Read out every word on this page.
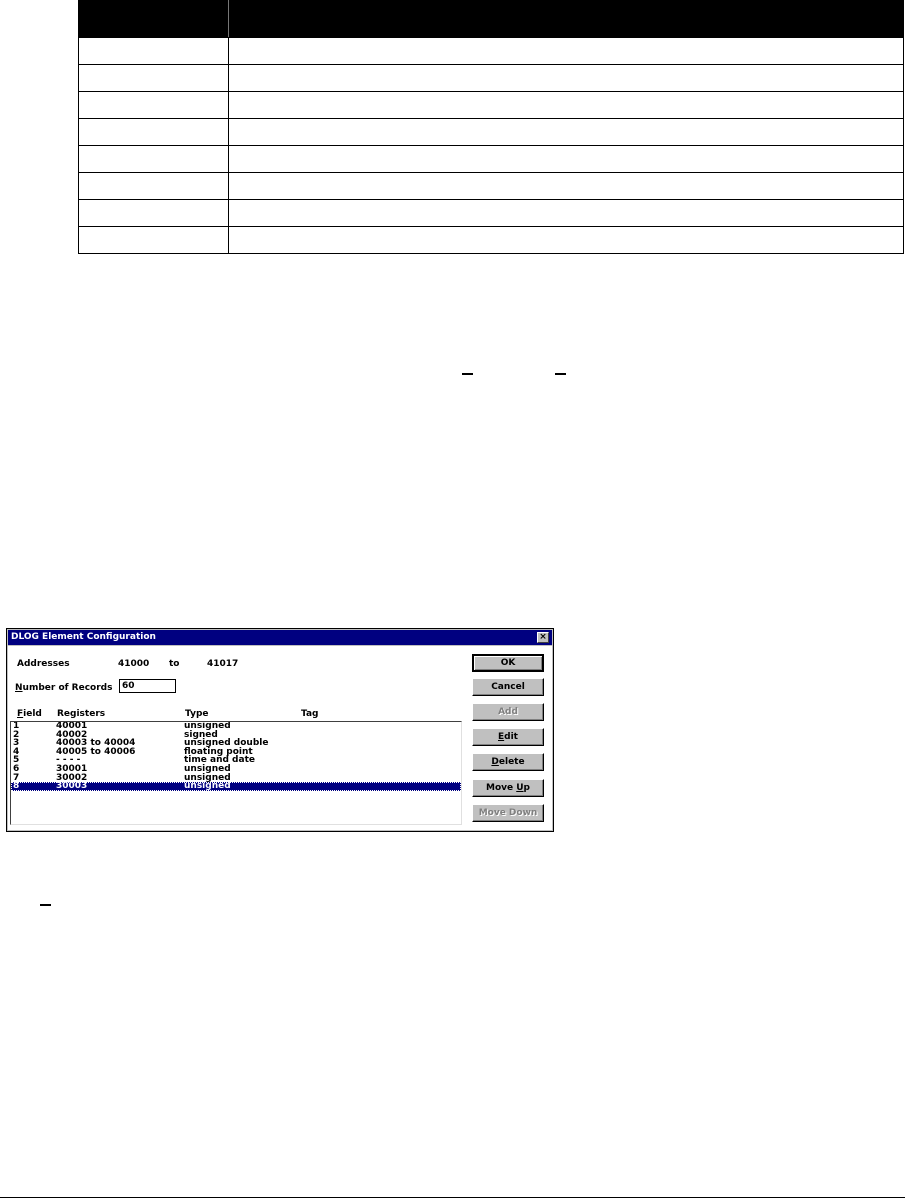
DLOG Element Configuration	×
Addresses	41000 to	41017
Number of Records	60
Field Registers	Type	Tag
1	40001	unsigned
2	40002	signed
3	40003 to 40004	unsigned double
4	40005 to 40006	floating point
5	- - - -	time and date
6	30001	unsigned
7	30002	unsigned
8	30003	unsigned
OK
Cancel
Add
Edit
Delete
Move Up
Move Down
